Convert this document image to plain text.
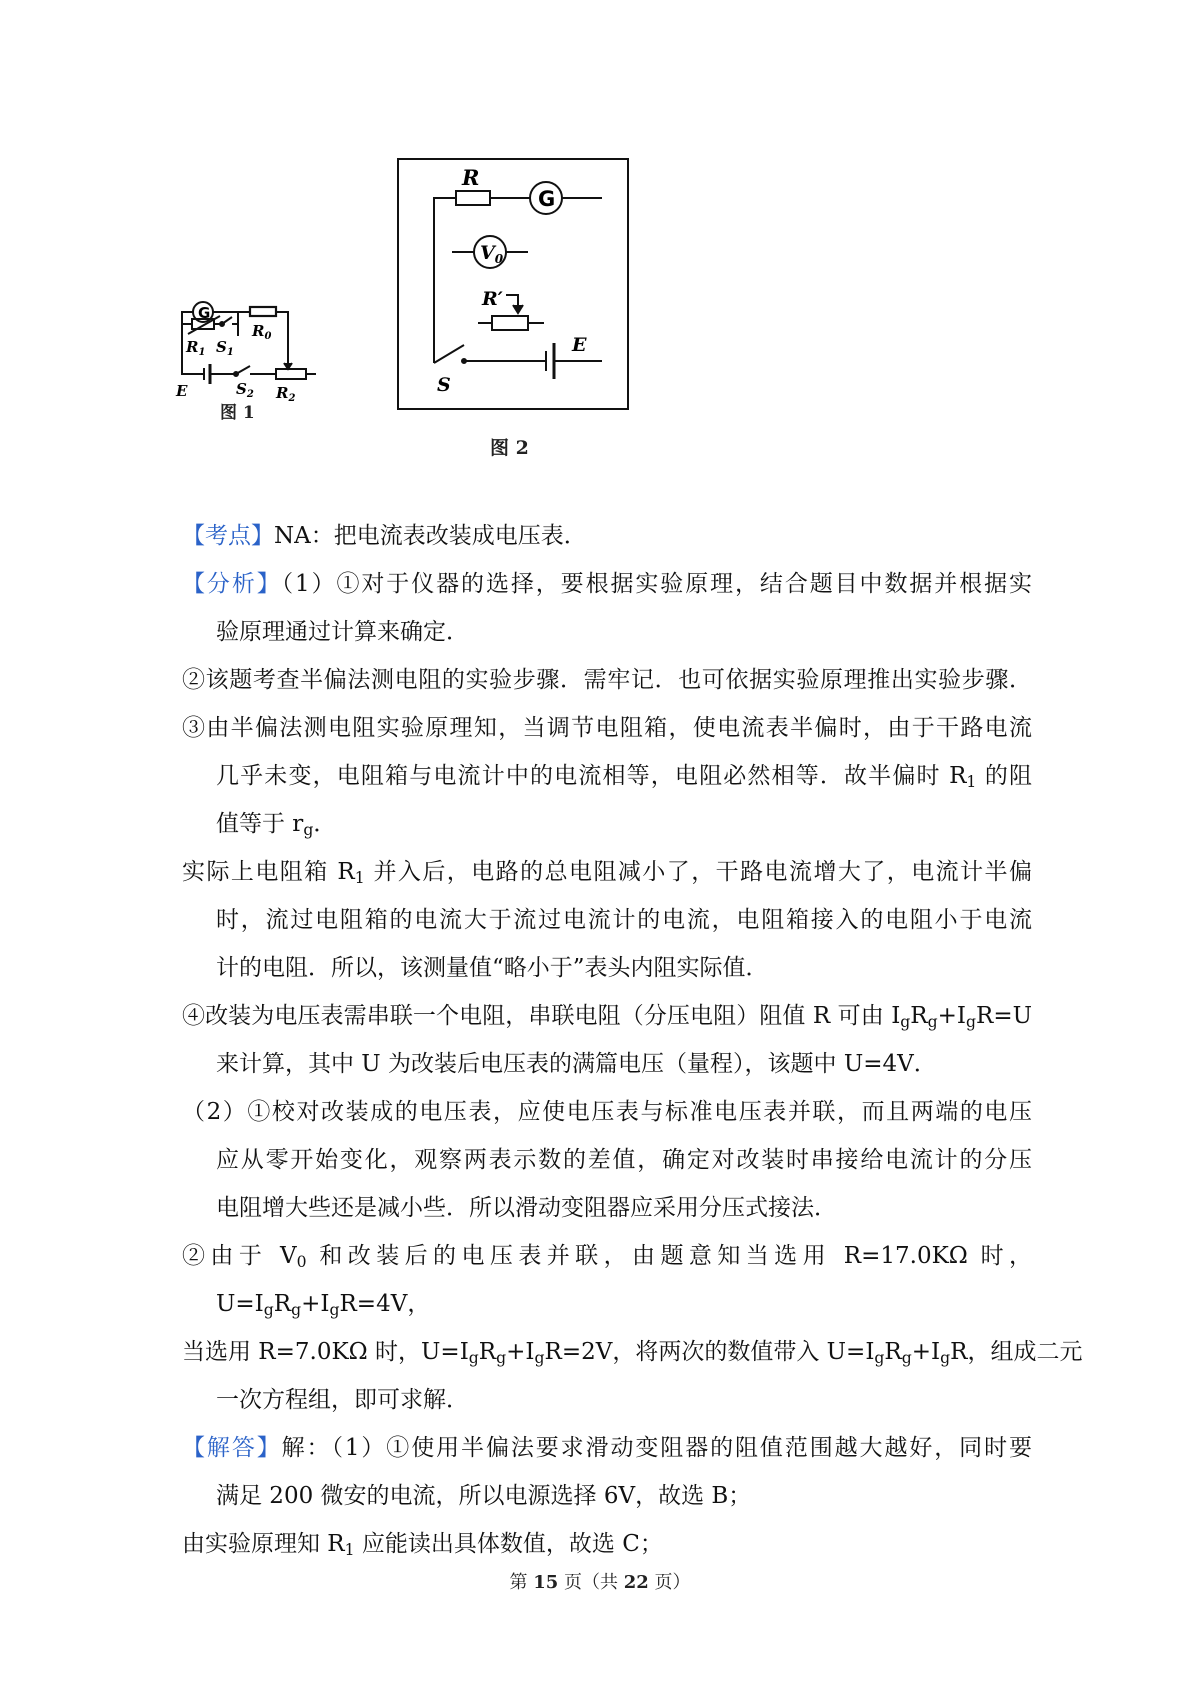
G
$R_0$
$R_1$ $S_1$
E	$S_2$ $R_2$
图 1
R
G
$V_0$
R′
S
E
图 2
【考点】NA：把电流表改装成电压表．
【分析】（1）①对于仪器的选择，要根据实验原理，结合题目中数据并根据实
验原理通过计算来确定．
②该题考查半偏法测电阻的实验步骤．需牢记．也可依据实验原理推出实验步骤．
③由半偏法测电阻实验原理知，当调节电阻箱，使电流表半偏时，由于干路电流
几乎未变，电阻箱与电流计中的电流相等，电阻必然相等．故半偏时 $R_1$ 的阻
值等于 $r_g$．
实际上电阻箱 $R_1$ 并入后，电路的总电阻减小了，干路电流增大了，电流计半偏
时，流过电阻箱的电流大于流过电流计的电流，电阻箱接入的电阻小于电流
计的电阻．所以，该测量值“略小于”表头内阻实际值．
④改装为电压表需串联一个电阻，串联电阻（分压电阻）阻值 R 可由 $I_gR_g+I_gR=U$
来计算，其中 U 为改装后电压表的满篇电压（量程），该题中 U=4V．
（2）①校对改装成的电压表，应使电压表与标准电压表并联，而且两端的电压
应从零开始变化，观察两表示数的差值，确定对改装时串接给电流计的分压
电阻增大些还是减小些．所以滑动变阻器应采用分压式接法．
②由于 $V_0$ 和改装后的电压表并联，由题意知当选用 R=17.0KΩ 时，
$U=I_gR_g+I_gR=4V$，
当选用 R=7.0KΩ 时，$U=I_gR_g+I_gR=2V$，将两次的数值带入 $U=I_gR_g+I_gR$，组成二元
一次方程组，即可求解．
【解答】解：（1）①使用半偏法要求滑动变阻器的阻值范围越大越好，同时要
满足 200 微安的电流，所以电源选择 6V，故选 B；
由实验原理知 $R_1$ 应能读出具体数值，故选 C；
第 15 页（共 22 页）
